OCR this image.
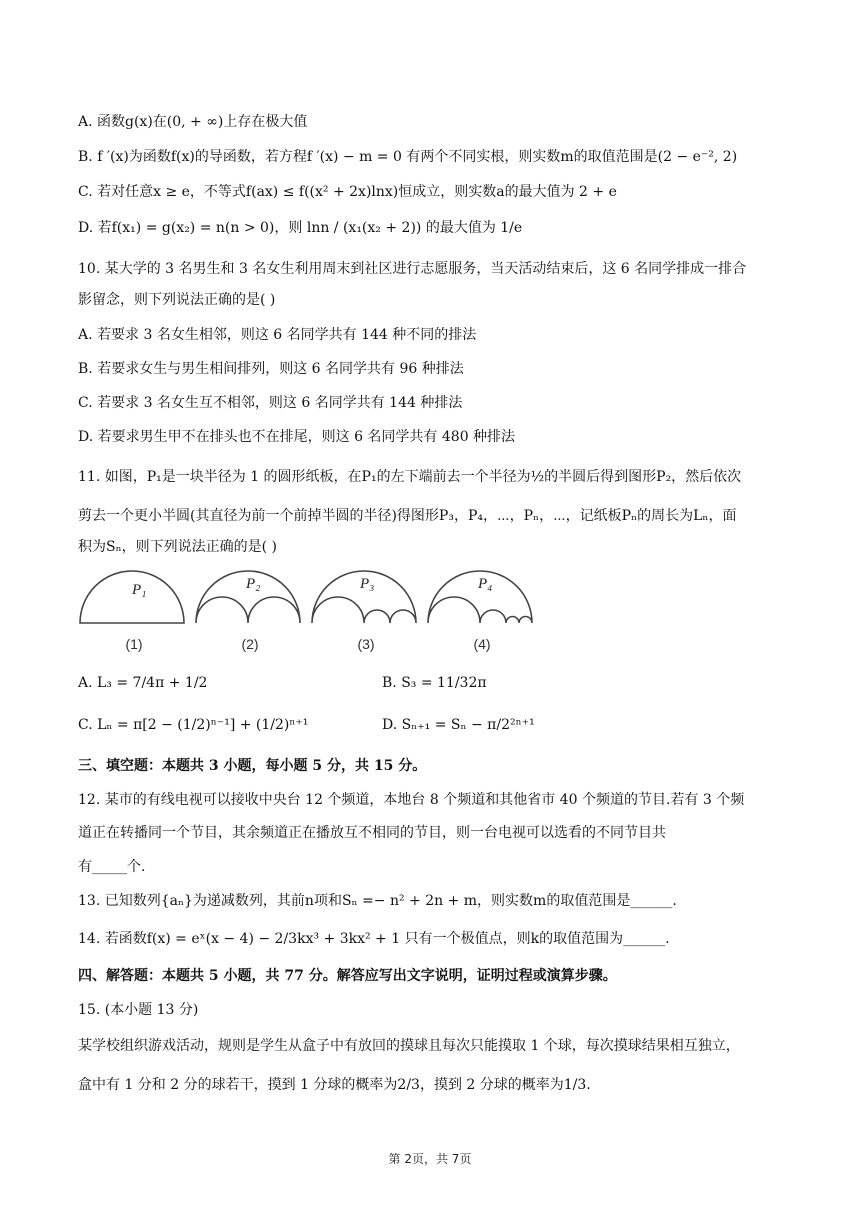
A. 函数g(x)在(0, + ∞)上存在极大值
B. f ′(x)为函数f(x)的导函数，若方程f ′(x) − m = 0 有两个不同实根，则实数m的取值范围是(2 − e⁻², 2)
C. 若对任意x ≥ e，不等式f(ax) ≤ f((x² + 2x)lnx)恒成立，则实数a的最大值为 2 + e
D. 若f(x₁) = g(x₂) = n(n > 0)，则 lnn / (x₁(x₂ + 2)) 的最大值为 1/e
10. 某大学的 3 名男生和 3 名女生利用周末到社区进行志愿服务，当天活动结束后，这 6 名同学排成一排合
影留念，则下列说法正确的是( )
A. 若要求 3 名女生相邻，则这 6 名同学共有 144 种不同的排法
B. 若要求女生与男生相间排列，则这 6 名同学共有 96 种排法
C. 若要求 3 名女生互不相邻，则这 6 名同学共有 144 种排法
D. 若要求男生甲不在排头也不在排尾，则这 6 名同学共有 480 种排法
11. 如图，P₁是一块半径为 1 的圆形纸板，在P₁的左下端前去一个半径为½的半圆后得到图形P₂，然后依次
剪去一个更小半圆(其直径为前一个前掉半圆的半径)得图形P₃，P₄，⋯，Pₙ，⋯，记纸板Pₙ的周长为Lₙ，面
积为Sₙ，则下列说法正确的是( )
P₁
(1)
P₂
(2)
P₃
(3)
P₄
(4)
A. L₃ = 7/4π + 1/2	B. S₃ = 11/32π
C. Lₙ = π[2 − (1/2)ⁿ⁻¹] + (1/2)ⁿ⁺¹	D. Sₙ₊₁ = Sₙ − π/2²ⁿ⁺¹
三、填空题：本题共 3 小题，每小题 5 分，共 15 分。
12. 某市的有线电视可以接收中央台 12 个频道，本地台 8 个频道和其他省市 40 个频道的节目.若有 3 个频
道正在转播同一个节目，其余频道正在播放互不相同的节目，则一台电视可以选看的不同节目共
有_____个.
13. 已知数列{aₙ}为递减数列，其前n项和Sₙ =− n² + 2n + m，则实数m的取值范围是______.
14. 若函数f(x) = eˣ(x − 4) − 2/3kx³ + 3kx² + 1 只有一个极值点，则k的取值范围为______.
四、解答题：本题共 5 小题，共 77 分。解答应写出文字说明，证明过程或演算步骤。
15. (本小题 13 分)
某学校组织游戏活动，规则是学生从盒子中有放回的摸球且每次只能摸取 1 个球，每次摸球结果相互独立，
盒中有 1 分和 2 分的球若干，摸到 1 分球的概率为2/3，摸到 2 分球的概率为1/3.
第 2页，共 7页
